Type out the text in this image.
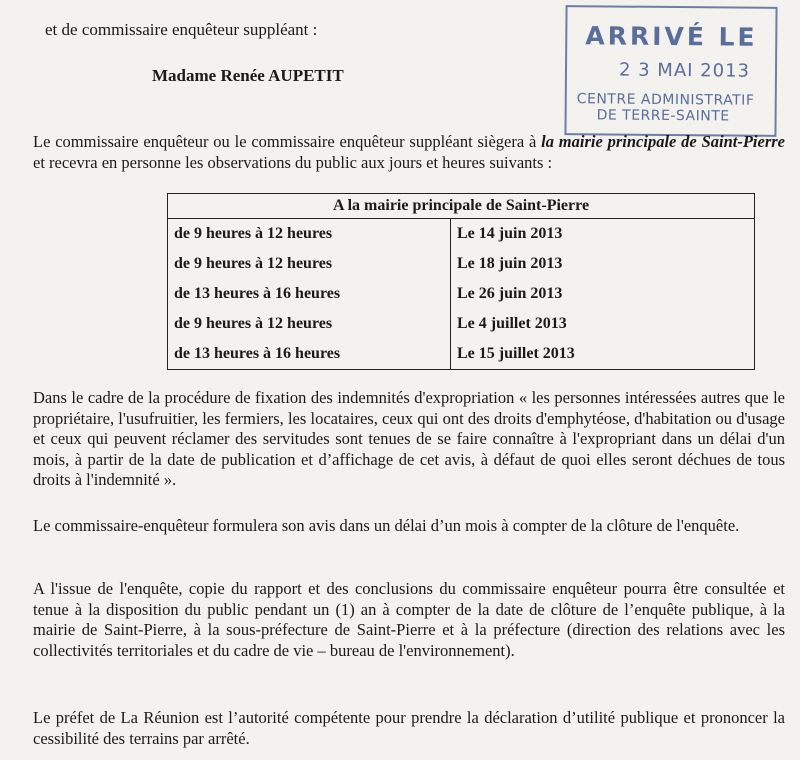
et de commissaire enquêteur suppléant :
Madame Renée AUPETIT
ARRIVÉ LE
2 3 MAI 2013
CENTRE ADMINISTRATIF
DE TERRE-SAINTE
Le commissaire enquêteur ou le commissaire enquêteur suppléant siègera à la mairie principale de Saint-Pierre et recevra en personne les observations du public aux jours et heures suivants :
A la mairie principale de Saint-Pierre	
de 9 heures à 12 heures	Le 14 juin 2013
de 9 heures à 12 heures	Le 18 juin 2013
de 13 heures à 16 heures	Le 26 juin 2013
de 9 heures à 12 heures	Le 4 juillet 2013
de 13 heures à 16 heures	Le 15 juillet 2013
Dans le cadre de la procédure de fixation des indemnités d'expropriation « les personnes intéressées autres que le propriétaire, l'usufruitier, les fermiers, les locataires, ceux qui ont des droits d'emphytéose, d'habitation ou d'usage et ceux qui peuvent réclamer des servitudes sont tenues de se faire connaître à l'expropriant dans un délai d'un mois, à partir de la date de publication et d’affichage de cet avis, à défaut de quoi elles seront déchues de tous droits à l'indemnité ».
Le commissaire-enquêteur formulera son avis dans un délai d’un mois à compter de la clôture de l'enquête.
A l'issue de l'enquête, copie du rapport et des conclusions du commissaire enquêteur pourra être consultée et tenue à la disposition du public pendant un (1) an à compter de la date de clôture de l’enquête publique, à la mairie de Saint-Pierre, à la sous-préfecture de Saint-Pierre et à la préfecture (direction des relations avec les collectivités territoriales et du cadre de vie – bureau de l'environnement).
Le préfet de La Réunion est l’autorité compétente pour prendre la déclaration d’utilité publique et prononcer la cessibilité des terrains par arrêté.
